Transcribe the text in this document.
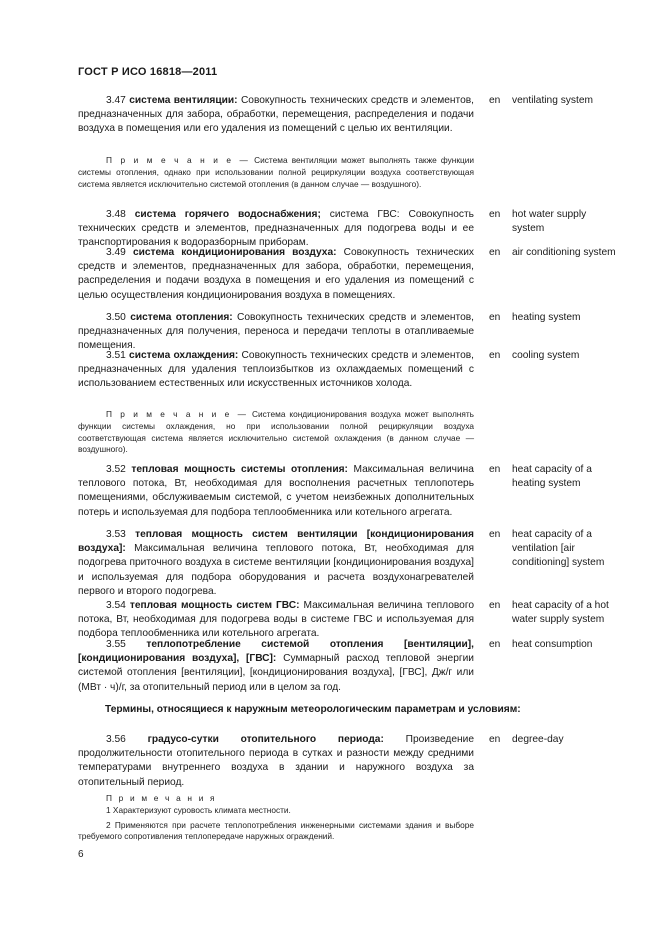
ГОСТ Р ИСО 16818—2011
3.47 система вентиляции: Совокупность технических средств и элементов, предназначенных для забора, обработки, перемещения, распределения и подачи воздуха в помещения или его удаления из помещений с целью их вентиляции.
en ventilating system
П р и м е ч а н и е — Система вентиляции может выполнять также функции системы отопления, однако при использовании полной рециркуляции воздуха соответствующая система является исключительно системой отопления (в данном случае — воздушного).
3.48 система горячего водоснабжения; система ГВС: Совокупность технических средств и элементов, предназначенных для подогрева воды и ее транспортирования к водоразборным приборам.
en hot water supply system
3.49 система кондиционирования воздуха: Совокупность технических средств и элементов, предназначенных для забора, обработки, перемещения, распределения и подачи воздуха в помещения и его удаления из помещений с целью осуществления кондиционирования воздуха в помещениях.
en air conditioning system
3.50 система отопления: Совокупность технических средств и элементов, предназначенных для получения, переноса и передачи теплоты в отапливаемые помещения.
en heating system
3.51 система охлаждения: Совокупность технических средств и элементов, предназначенных для удаления теплоизбытков из охлаждаемых помещений с использованием естественных или искусственных источников холода.
en cooling system
П р и м е ч а н и е — Система кондиционирования воздуха может выполнять функции системы охлаждения, но при использовании полной рециркуляции воздуха соответствующая система является исключительно системой охлаждения (в данном случае — воздушного).
3.52 тепловая мощность системы отопления: Максимальная величина теплового потока, Вт, необходимая для восполнения расчетных теплопотерь помещениями, обслуживаемым системой, с учетом неизбежных дополнительных потерь и используемая для подбора теплообменника или котельного агрегата.
en heat capacity of a heating system
3.53 тепловая мощность систем вентиляции [кондиционирования воздуха]: Максимальная величина теплового потока, Вт, необходимая для подогрева приточного воздуха в системе вентиляции [кондиционирования воздуха] и используемая для подбора оборудования и расчета воздухонагревателей первого и второго подогрева.
en heat capacity of a ventilation [air conditioning] system
3.54 тепловая мощность систем ГВС: Максимальная величина теплового потока, Вт, необходимая для подогрева воды в системе ГВС и используемая для подбора теплообменника или котельного агрегата.
en heat capacity of a hot water supply system
3.55 теплопотребление системой отопления [вентиляции], [кондиционирования воздуха], [ГВС]: Суммарный расход тепловой энергии системой отопления [вентиляции], [кондиционирования воздуха], [ГВС], Дж/г или (МВт · ч)/г, за отопительный период или в целом за год.
en heat consumption
Термины, относящиеся к наружным метеорологическим параметрам и условиям:
3.56 градусо-сутки отопительного периода: Произведение продолжительности отопительного периода в сутках и разности между средними температурами внутреннего воздуха в здании и наружного воздуха за отопительный период.
en degree-day
П р и м е ч а н и я
1 Характеризуют суровость климата местности.
2 Применяются при расчете теплопотребления инженерными системами здания и выборе требуемого сопротивления теплопередаче наружных ограждений.
6
